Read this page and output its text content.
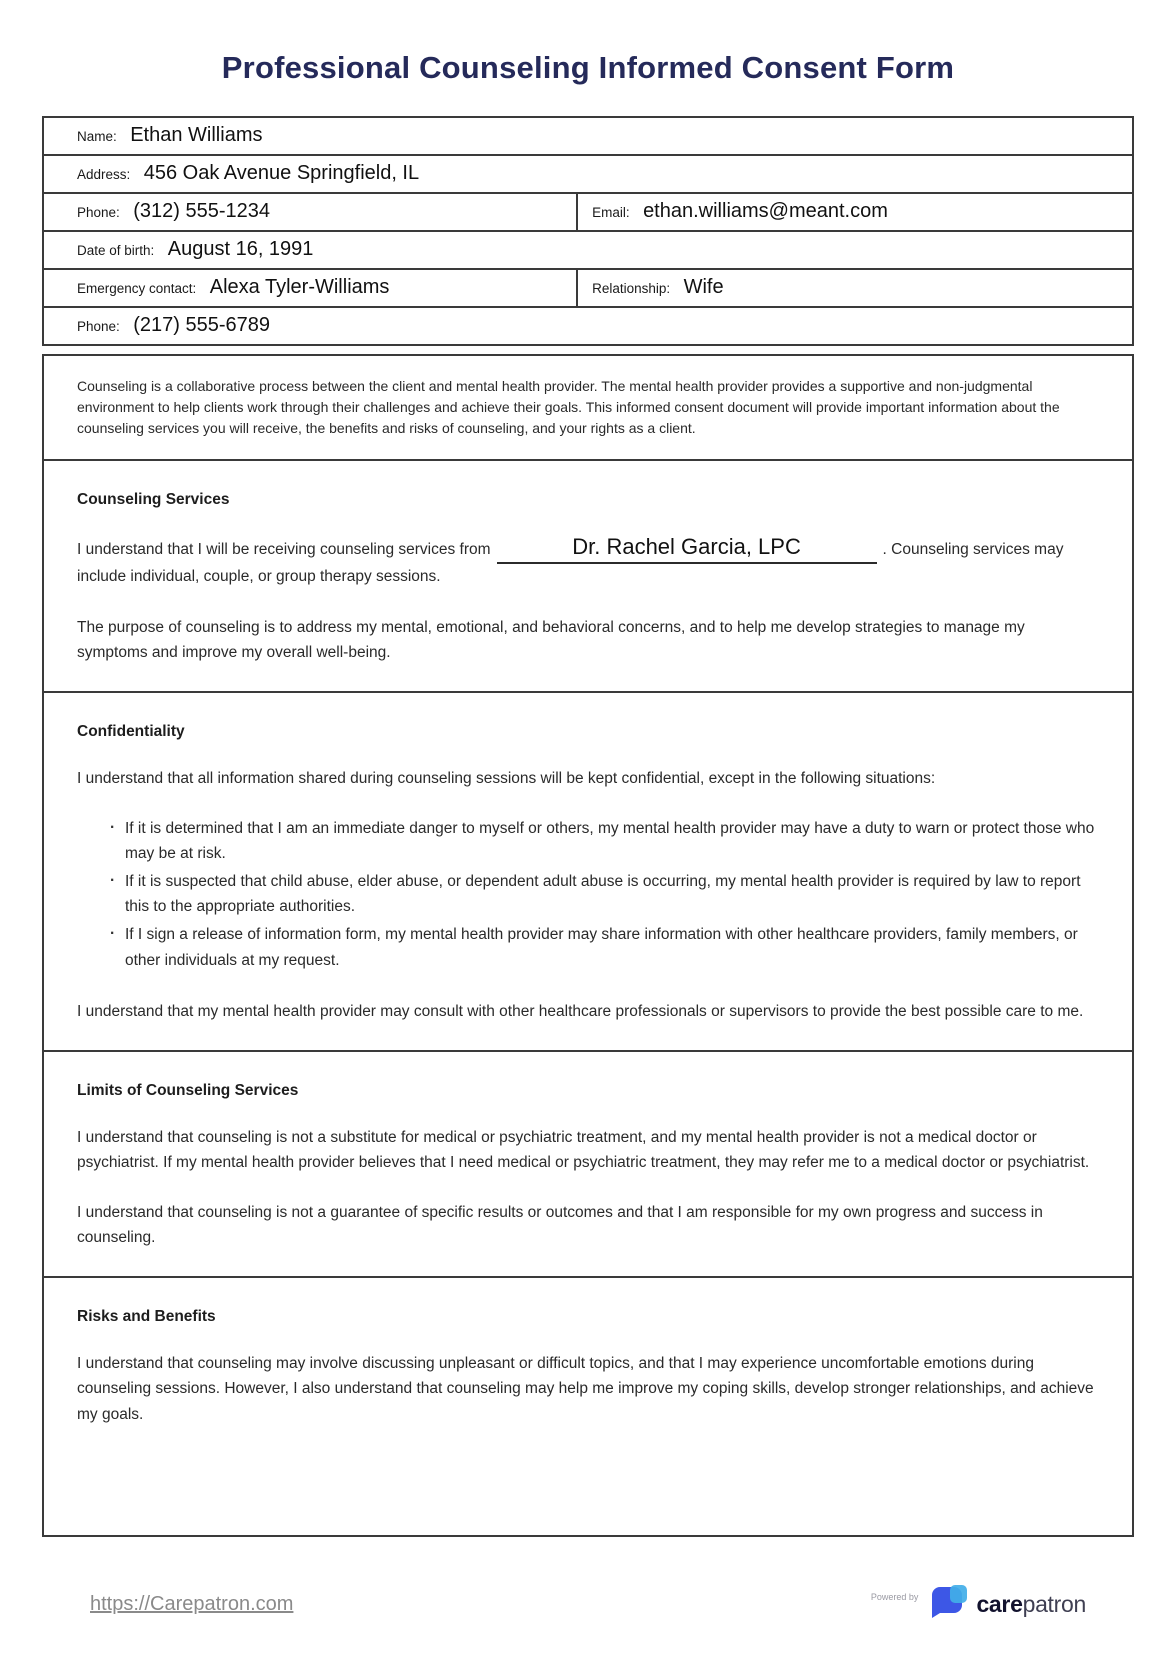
Professional Counseling Informed Consent Form
Name: Ethan Williams	
Address: 456 Oak Avenue Springfield, IL	
Phone: (312) 555-1234	Email: ethan.williams@meant.com
Date of birth: August 16, 1991	
Emergency contact: Alexa Tyler-Williams	Relationship: Wife
Phone: (217) 555-6789	

Counseling is a collaborative process between the client and mental health provider. The mental health provider provides a supportive and non-judgmental environment to help clients work through their challenges and achieve their goals. This informed consent document will provide important information about the counseling services you will receive, the benefits and risks of counseling, and your rights as a client.

Counseling Services

I understand that I will be receiving counseling services from	Dr. Rachel Garcia, LPC	. Counseling services may include individual, couple, or group therapy sessions.

The purpose of counseling is to address my mental, emotional, and behavioral concerns, and to help me develop strategies to manage my symptoms and improve my overall well-being.

Confidentiality

I understand that all information shared during counseling sessions will be kept confidential, except in the following situations:

· If it is determined that I am an immediate danger to myself or others, my mental health provider may have a duty to warn or protect those who may be at risk.
· If it is suspected that child abuse, elder abuse, or dependent adult abuse is occurring, my mental health provider is required by law to report this to the appropriate authorities.
· If I sign a release of information form, my mental health provider may share information with other healthcare providers, family members, or other individuals at my request.

I understand that my mental health provider may consult with other healthcare professionals or supervisors to provide the best possible care to me.

Limits of Counseling Services

I understand that counseling is not a substitute for medical or psychiatric treatment, and my mental health provider is not a medical doctor or psychiatrist. If my mental health provider believes that I need medical or psychiatric treatment, they may refer me to a medical doctor or psychiatrist.

I understand that counseling is not a guarantee of specific results or outcomes and that I am responsible for my own progress and success in counseling.

Risks and Benefits

I understand that counseling may involve discussing unpleasant or difficult topics, and that I may experience uncomfortable emotions during counseling sessions. However, I also understand that counseling may help me improve my coping skills, develop stronger relationships, and achieve my goals.

https://Carepatron.com	Powered by	carepatron
